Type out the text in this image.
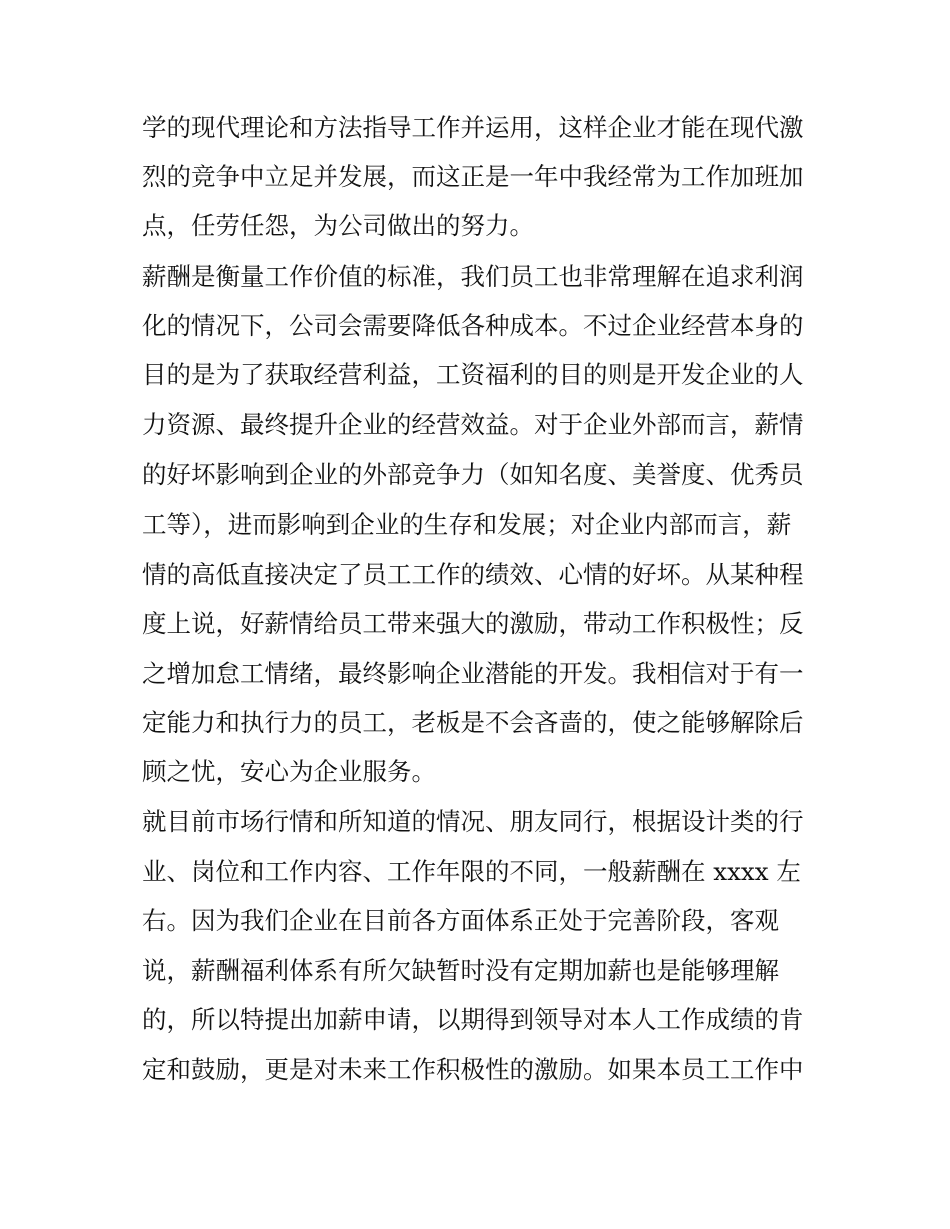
学的现代理论和方法指导工作并运用，这样企业才能在现代激
烈的竞争中立足并发展，而这正是一年中我经常为工作加班加
点，任劳任怨，为公司做出的努力。
薪酬是衡量工作价值的标准，我们员工也非常理解在追求利润
化的情况下，公司会需要降低各种成本。不过企业经营本身的
目的是为了获取经营利益，工资福利的目的则是开发企业的人
力资源、最终提升企业的经营效益。对于企业外部而言，薪情
的好坏影响到企业的外部竞争力（如知名度、美誉度、优秀员
工等），进而影响到企业的生存和发展；对企业内部而言，薪
情的高低直接决定了员工工作的绩效、心情的好坏。从某种程
度上说，好薪情给员工带来强大的激励，带动工作积极性；反
之增加怠工情绪，最终影响企业潜能的开发。我相信对于有一
定能力和执行力的员工，老板是不会吝啬的，使之能够解除后
顾之忧，安心为企业服务。
就目前市场行情和所知道的情况、朋友同行，根据设计类的行
业、岗位和工作内容、工作年限的不同，一般薪酬在 xxxx 左
右。因为我们企业在目前各方面体系正处于完善阶段，客观
说，薪酬福利体系有所欠缺暂时没有定期加薪也是能够理解
的，所以特提出加薪申请，以期得到领导对本人工作成绩的肯
定和鼓励，更是对未来工作积极性的激励。如果本员工工作中
